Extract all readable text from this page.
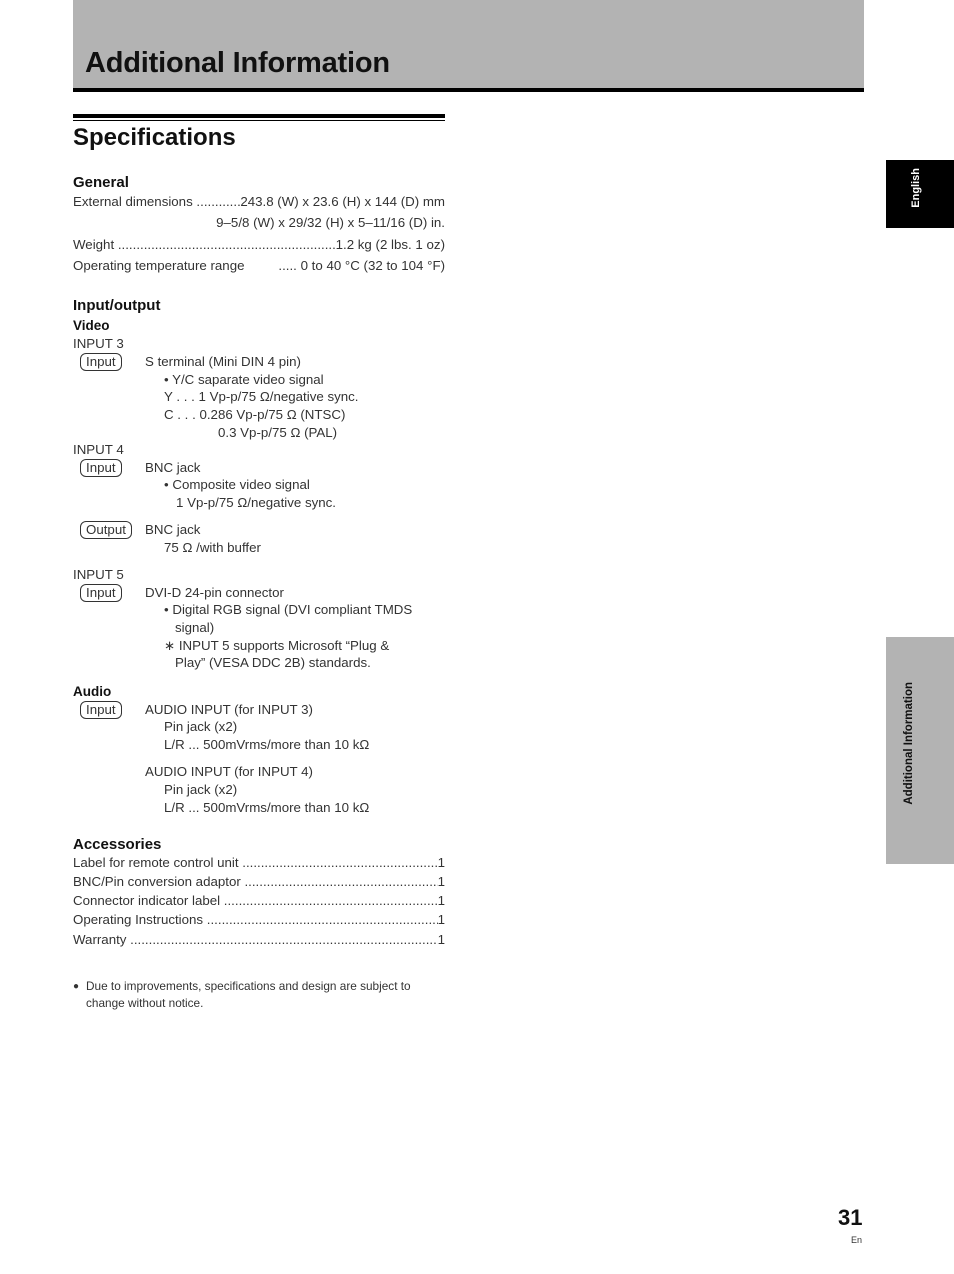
Additional Information
Specifications
General
External dimensions .....	243.8 (W) x 23.6 (H) x 144 (D) mm
9–5/8 (W) x 29/32 (H) x 5–11/16 (D) in.
Weight .....	1.2 kg (2 lbs. 1 oz)
Operating temperature range	..... 0 to 40 °C (32 to 104 °F)
Input/output
Video
INPUT 3
Input	S terminal (Mini DIN 4 pin)
• Y/C saparate video signal
Y . . . 1 Vp-p/75 Ω/negative sync.
C . . . 0.286 Vp-p/75 Ω (NTSC)
0.3 Vp-p/75 Ω (PAL)
INPUT 4
Input	BNC jack
• Composite video signal
1 Vp-p/75 Ω/negative sync.
Output	BNC jack
75 Ω /with buffer
INPUT 5
Input	DVI-D 24-pin connector
• Digital RGB signal (DVI compliant TMDS
signal)
∗ INPUT 5 supports Microsoft “Plug &
Play” (VESA DDC 2B) standards.
Audio
Input	AUDIO INPUT (for INPUT 3)
Pin jack (x2)
L/R ... 500mVrms/more than 10 kΩ
AUDIO INPUT (for INPUT 4)
Pin jack (x2)
L/R ... 500mVrms/more than 10 kΩ
Accessories
Label for remote control unit .....	1
BNC/Pin conversion adaptor .....	1
Connector indicator label .....	1
Operating Instructions .....	1
Warranty .....	1
● Due to improvements, specifications and design are subject to
change without notice.
English
Additional Information
31
En
